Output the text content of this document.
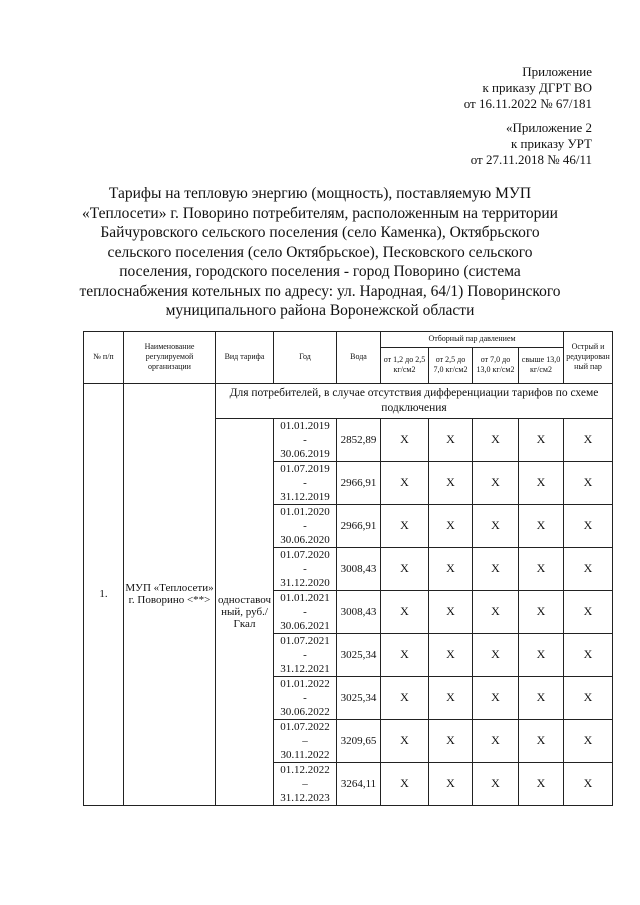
Приложение
к приказу ДГРТ ВО
от 16.11.2022 № 67/181
«Приложение 2
к приказу УРТ
от 27.11.2018 № 46/11
Тарифы на тепловую энергию (мощность), поставляемую МУП «Теплосети» г. Поворино потребителям, расположенным на территории Байчуровского сельского поселения (село Каменка), Октябрьского сельского поселения (село Октябрьское), Песковского сельского поселения, городского поселения - город Поворино (система теплоснабжения котельных по адресу: ул. Народная, 64/1) Поворинского муниципального района Воронежской области
№ п/п	Наименование регулируемой организации	Вид тарифа	Год	Вода	Отборный пар давлением				Острый и редуцированный пар
					от 1,2 до 2,5 кг/см2	от 2,5 до 7,0 кг/см2	от 7,0 до 13,0 кг/см2	свыше 13,0 кг/см2	
1.	МУП «Теплосети» г. Поворино <**>	Для потребителей, в случае отсутствия дифференциации тарифов по схеме подключения							
		одноставочный, руб./Гкал	01.01.2019
-
30.06.2019	2852,89	X	X	X	X	X

			01.07.2019
-
31.12.2019	2966,91	X	X	X	X	X

			01.01.2020
-
30.06.2020	2966,91	X	X	X	X	X

			01.07.2020
-
31.12.2020	3008,43	X	X	X	X	X

			01.01.2021
-
30.06.2021	3008,43	X	X	X	X	X

			01.07.2021
-
31.12.2021	3025,34	X	X	X	X	X

			01.01.2022
-
30.06.2022	3025,34	X	X	X	X	X

			01.07.2022
–
30.11.2022	3209,65	X	X	X	X	X

			01.12.2022
–
31.12.2023	3264,11	X	X	X	X	X
